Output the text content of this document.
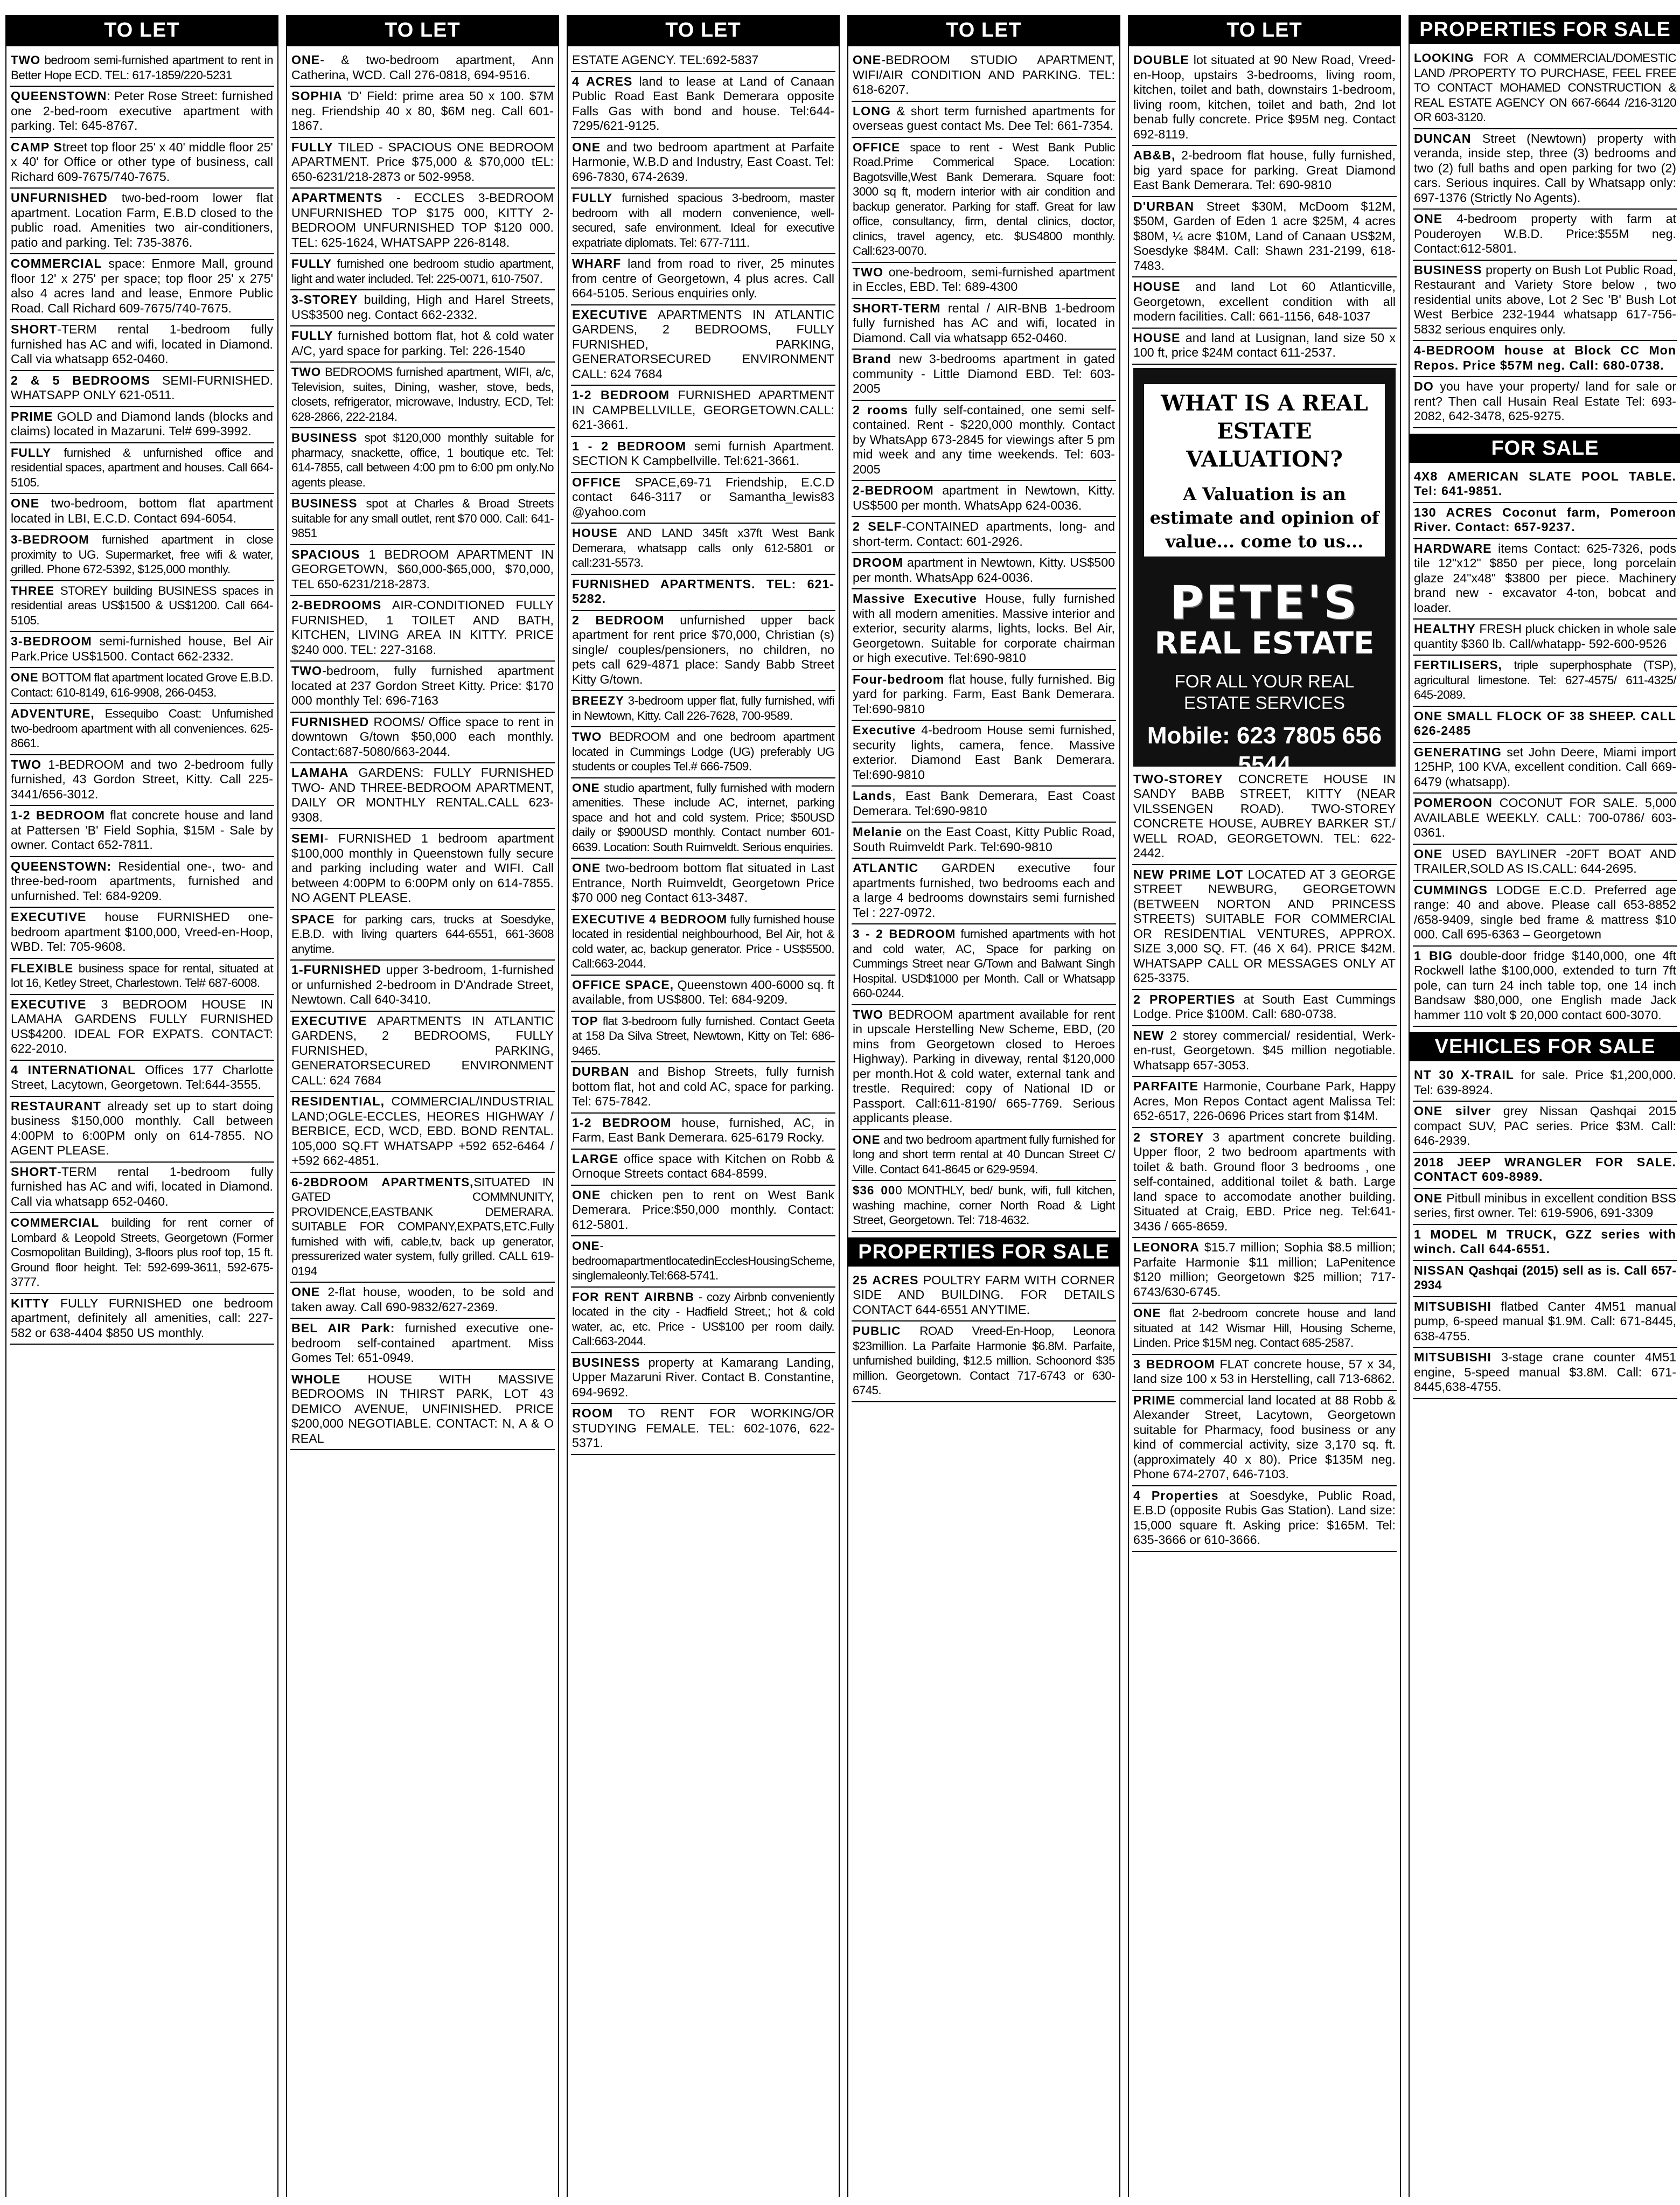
TO LET
TWO bedroom semi-furnished apartment to rent in Better Hope ECD. TEL: 617-1859/220-5231
QUEENSTOWN: Peter Rose Street: furnished one 2-bed-room executive apartment with parking. Tel: 645-8767.
CAMP Street top floor 25' x 40' middle floor 25' x 40' for Office or other type of business, call Richard 609-7675/740-7675.
UNFURNISHED two-bed-room lower flat apartment. Location Farm, E.B.D closed to the public road. Amenities two air-conditioners, patio and parking. Tel: 735-3876.
COMMERCIAL space: Enmore Mall, ground floor 12' x 275' per space; top floor 25' x 275' also 4 acres land and lease, Enmore Public Road. Call Richard 609-7675/740-7675.
SHORT-TERM rental 1-bedroom fully furnished has AC and wifi, located in Diamond. Call via whatsapp 652-0460.
2 & 5 BEDROOMS SEMI-FURNISHED. WHATSAPP ONLY 621-0511.
PRIME GOLD and Diamond lands (blocks and claims) located in Mazaruni. Tel# 699-3992.
FULLY furnished & unfurnished office and residential spaces, apartment and houses. Call 664-5105.
ONE two-bedroom, bottom flat apartment located in LBI, E.C.D. Contact 694-6054.
3-BEDROOM furnished apartment in close proximity to UG. Supermarket, free wifi & water, grilled. Phone 672-5392, $125,000 monthly.
THREE STOREY building BUSINESS spaces in residential areas US$1500 & US$1200. Call 664-5105.
3-BEDROOM semi-furnished house, Bel Air Park.Price US$1500. Contact 662-2332.
ONE BOTTOM flat apartment located Grove E.B.D. Contact: 610-8149, 616-9908, 266-0453.
ADVENTURE, Essequibo Coast: Unfurnished two-bedroom apartment with all conveniences. 625-8661.
TWO 1-BEDROOM and two 2-bedroom fully furnished, 43 Gordon Street, Kitty. Call 225-3441/656-3012.
1-2 BEDROOM flat concrete house and land at Pattersen 'B' Field Sophia, $15M - Sale by owner. Contact 652-7811.
QUEENSTOWN: Residential one-, two- and three-bed-room apartments, furnished and unfurnished. Tel: 684-9209.
EXECUTIVE house FURNISHED one-bedroom apartment $100,000, Vreed-en-Hoop, WBD. Tel: 705-9608.
FLEXIBLE business space for rental, situated at lot 16, Ketley Street, Charlestown. Tel# 687-6008.
EXECUTIVE 3 BEDROOM HOUSE IN LAMAHA GARDENS FULLY FURNISHED US$4200. IDEAL FOR EXPATS. CONTACT: 622-2010.
4 INTERNATIONAL Offices 177 Charlotte Street, Lacytown, Georgetown. Tel:644-3555.
RESTAURANT already set up to start doing business $150,000 monthly. Call between 4:00PM to 6:00PM only on 614-7855. NO AGENT PLEASE.
SHORT-TERM rental 1-bedroom fully furnished has AC and wifi, located in Diamond. Call via whatsapp 652-0460.
COMMERCIAL building for rent corner of Lombard & Leopold Streets, Georgetown (Former Cosmopolitan Building), 3-floors plus roof top, 15 ft. Ground floor height. Tel: 592-699-3611, 592-675-3777.
KITTY FULLY FURNISHED one bedroom apartment, definitely all amenities, call: 227-582 or 638-4404 $850 US monthly.
TO LET
ONE- & two-bedroom apartment, Ann Catherina, WCD. Call 276-0818, 694-9516.
SOPHIA 'D' Field: prime area 50 x 100. $7M neg. Friendship 40 x 80, $6M neg. Call 601-1867.
FULLY TILED - SPACIOUS ONE BEDROOM APARTMENT. Price $75,000 & $70,000 tEL: 650-6231/218-2873 or 502-9958.
APARTMENTS - ECCLES 3-BEDROOM UNFURNISHED TOP $175 000, KITTY 2-BEDROOM UNFURNISHED TOP $120 000. TEL: 625-1624, WHATSAPP 226-8148.
FULLY furnished one bedroom studio apartment, light and water included. Tel: 225-0071, 610-7507.
3-STOREY building, High and Harel Streets, US$3500 neg. Contact 662-2332.
FULLY furnished bottom flat, hot & cold water A/C, yard space for parking. Tel: 226-1540
TWO BEDROOMS furnished apartment, WIFI, a/c, Television, suites, Dining, washer, stove, beds, closets, refrigerator, microwave, Industry, ECD, Tel: 628-2866, 222-2184.
BUSINESS spot $120,000 monthly suitable for pharmacy, snackette, office, 1 boutique etc. Tel: 614-7855, call between 4:00 pm to 6:00 pm only.No agents please.
BUSINESS spot at Charles & Broad Streets suitable for any small outlet, rent $70 000. Call: 641-9851
SPACIOUS 1 BEDROOM APARTMENT IN GEORGETOWN, $60,000-$65,000, $70,000, TEL 650-6231/218-2873.
2-BEDROOMS AIR-CONDITIONED FULLY FURNISHED, 1 TOILET AND BATH, KITCHEN, LIVING AREA IN KITTY. PRICE $240 000. TEL: 227-3168.
TWO-bedroom, fully furnished apartment located at 237 Gordon Street Kitty. Price: $170 000 monthly Tel: 696-7163
FURNISHED ROOMS/ Office space to rent in downtown G/town $50,000 each monthly. Contact:687-5080/663-2044.
LAMAHA GARDENS: FULLY FURNISHED TWO- AND THREE-BEDROOM APARTMENT, DAILY OR MONTHLY RENTAL.CALL 623-9308.
SEMI- FURNISHED 1 bedroom apartment $100,000 monthly in Queenstown fully secure and parking including water and WIFI. Call between 4:00PM to 6:00PM only on 614-7855. NO AGENT PLEASE.
SPACE for parking cars, trucks at Soesdyke, E.B.D. with living quarters 644-6551, 661-3608 anytime.
1-FURNISHED upper 3-bedroom, 1-furnished or unfurnished 2-bedroom in D'Andrade Street, Newtown. Call 640-3410.
EXECUTIVE APARTMENTS IN ATLANTIC GARDENS, 2 BEDROOMS, FULLY FURNISHED, PARKING, GENERATORSECURED ENVIRONMENT CALL: 624 7684
RESIDENTIAL, COMMERCIAL/INDUSTRIAL LAND;OGLE-ECCLES, HEORES HIGHWAY / BERBICE, ECD, WCD, EBD. BOND RENTAL. 105,000 SQ.FT WHATSAPP +592 652-6464 / +592 662-4851.
6-2BDROOM APARTMENTS,SITUATED IN GATED COMMNUNITY, PROVIDENCE,EASTBANK DEMERARA. SUITABLE FOR COMPANY,EXPATS,ETC.Fully furnished with wifi, cable,tv, back up generator, pressurerized water system, fully grilled. CALL 619-0194
ONE 2-flat house, wooden, to be sold and taken away. Call 690-9832/627-2369.
BEL AIR Park: furnished executive one-bedroom self-contained apartment. Miss Gomes Tel: 651-0949.
WHOLE HOUSE WITH MASSIVE BEDROOMS IN THIRST PARK, LOT 43 DEMICO AVENUE, UNFINISHED. PRICE $200,000 NEGOTIABLE. CONTACT: N, A & O REAL
TO LET
ESTATE AGENCY. TEL:692-5837
4 ACRES land to lease at Land of Canaan Public Road East Bank Demerara opposite Falls Gas with bond and house. Tel:644-7295/621-9125.
ONE and two bedroom apartment at Parfaite Harmonie, W.B.D and Industry, East Coast. Tel: 696-7830, 674-2639.
FULLY furnished spacious 3-bedroom, master bedroom with all modern convenience, well-secured, safe environment. Ideal for executive expatriate diplomats. Tel: 677-7111.
WHARF land from road to river, 25 minutes from centre of Georgetown, 4 plus acres. Call 664-5105. Serious enquiries only.
EXECUTIVE APARTMENTS IN ATLANTIC GARDENS, 2 BEDROOMS, FULLY FURNISHED, PARKING, GENERATORSECURED ENVIRONMENT CALL: 624 7684
1-2 BEDROOM FURNISHED APARTMENT IN CAMPBELLVILLE, GEORGETOWN.CALL: 621-3661.
1 - 2 BEDROOM semi furnish Apartment. SECTION K Campbellville. Tel:621-3661.
OFFICE SPACE,69-71 Friendship, E.C.D contact 646-3117 or Samantha_lewis83 @yahoo.com
HOUSE AND LAND 345ft x37ft West Bank Demerara, whatsapp calls only 612-5801 or call:231-5573.
FURNISHED APARTMENTS. TEL: 621-5282.
2 BEDROOM unfurnished upper back apartment for rent price $70,000, Christian (s) single/ couples/pensioners, no children, no pets call 629-4871 place: Sandy Babb Street Kitty G/town.
BREEZY 3-bedroom upper flat, fully furnished, wifi in Newtown, Kitty. Call 226-7628, 700-9589.
TWO BEDROOM and one bedroom apartment located in Cummings Lodge (UG) preferably UG students or couples Tel.# 666-7509.
ONE studio apartment, fully furnished with modern amenities. These include AC, internet, parking space and hot and cold system. Price; $50USD daily or $900USD monthly. Contact number 601-6639. Location: South Ruimveldt. Serious enquiries.
ONE two-bedroom bottom flat situated in Last Entrance, North Ruimveldt, Georgetown Price $70 000 neg Contact 613-3487.
EXECUTIVE 4 BEDROOM fully furnished house located in residential neighbourhood, Bel Air, hot & cold water, ac, backup generator. Price - US$5500. Call:663-2044.
OFFICE SPACE, Queenstown 400-6000 sq. ft available, from US$800. Tel: 684-9209.
TOP flat 3-bedroom fully furnished. Contact Geeta at 158 Da Silva Street, Newtown, Kitty on Tel: 686-9465.
DURBAN and Bishop Streets, fully furnish bottom flat, hot and cold AC, space for parking. Tel: 675-7842.
1-2 BEDROOM house, furnished, AC, in Farm, East Bank Demerara. 625-6179 Rocky.
LARGE office space with Kitchen on Robb & Ornoque Streets contact 684-8599.
ONE chicken pen to rent on West Bank Demerara. Price:$50,000 monthly. Contact: 612-5801.
ONE-bedroomapartmentlocatedinEcclesHousingScheme, singlemaleonly.Tel:668-5741.
FOR RENT AIRBNB - cozy Airbnb conveniently located in the city - Hadfield Street,; hot & cold water, ac, etc. Price - US$100 per room daily. Call:663-2044.
BUSINESS property at Kamarang Landing, Upper Mazaruni River. Contact B. Constantine, 694-9692.
ROOM TO RENT FOR WORKING/OR STUDYING FEMALE. TEL: 602-1076, 622-5371.
TO LET
ONE-BEDROOM STUDIO APARTMENT, WIFI/AIR CONDITION AND PARKING. TEL: 618-6207.
LONG & short term furnished apartments for overseas guest contact Ms. Dee Tel: 661-7354.
OFFICE space to rent - West Bank Public Road.Prime Commerical Space. Location: Bagotsville,West Bank Demerara. Square foot: 3000 sq ft, modern interior with air condition and backup generator. Parking for staff. Great for law office, consultancy, firm, dental clinics, doctor, clinics, travel agency, etc. $US4800 monthly. Call:623-0070.
TWO one-bedroom, semi-furnished apartment in Eccles, EBD. Tel: 689-4300
SHORT-TERM rental / AIR-BNB 1-bedroom fully furnished has AC and wifi, located in Diamond. Call via whatsapp 652-0460.
Brand new 3-bedrooms apartment in gated community - Little Diamond EBD. Tel: 603-2005
2 rooms fully self-contained, one semi self-contained. Rent - $220,000 monthly. Contact by WhatsApp 673-2845 for viewings after 5 pm mid week and any time weekends. Tel: 603-2005
2-BEDROOM apartment in Newtown, Kitty. US$500 per month. WhatsApp 624-0036.
2 SELF-CONTAINED apartments, long- and short-term. Contact: 601-2926.
DROOM apartment in Newtown, Kitty. US$500 per month. WhatsApp 624-0036.
Massive Executive House, fully furnished with all modern amenities. Massive interior and exterior, security alarms, lights, locks. Bel Air, Georgetown. Suitable for corporate chairman or high executive. Tel:690-9810
Four-bedroom flat house, fully furnished. Big yard for parking. Farm, East Bank Demerara. Tel:690-9810
Executive 4-bedroom House semi furnished, security lights, camera, fence. Massive exterior. Diamond East Bank Demerara. Tel:690-9810
Lands, East Bank Demerara, East Coast Demerara. Tel:690-9810
Melanie on the East Coast, Kitty Public Road, South Ruimveldt Park. Tel:690-9810
ATLANTIC GARDEN executive four apartments furnished, two bedrooms each and a large 4 bedrooms downstairs semi furnished Tel : 227-0972.
3 - 2 BEDROOM furnished apartments with hot and cold water, AC, Space for parking on Cummings Street near G/Town and Balwant Singh Hospital. USD$1000 per Month. Call or Whatsapp 660-0244.
TWO BEDROOM apartment available for rent in upscale Herstelling New Scheme, EBD, (20 mins from Georgetown closed to Heroes Highway). Parking in diveway, rental $120,000 per month.Hot & cold water, external tank and trestle. Required: copy of National ID or Passport. Call:611-8190/ 665-7769. Serious applicants please.
ONE and two bedroom apartment fully furnished for long and short term rental at 40 Duncan Street C/ Ville. Contact 641-8645 or 629-9594.
$36 000 MONTHLY, bed/ bunk, wifi, full kitchen, washing machine, corner North Road & Light Street, Georgetown. Tel: 718-4632.
PROPERTIES FOR SALE
25 ACRES POULTRY FARM WITH CORNER SIDE AND BUILDING. FOR DETAILS CONTACT 644-6551 ANYTIME.
PUBLIC ROAD Vreed-En-Hoop, Leonora $23million. La Parfaite Harmonie $6.8M. Parfaite, unfurnished building, $12.5 million. Schoonord $35 million. Georgetown. Contact 717-6743 or 630-6745.
TO LET
DOUBLE lot situated at 90 New Road, Vreed-en-Hoop, upstairs 3-bedrooms, living room, kitchen, toilet and bath, downstairs 1-bedroom, living room, kitchen, toilet and bath, 2nd lot benab fully concrete. Price $95M neg. Contact 692-8119.
AB&B, 2-bedroom flat house, fully furnished, big yard space for parking. Great Diamond East Bank Demerara. Tel: 690-9810
D'URBAN Street $30M, McDoom $12M, $50M, Garden of Eden 1 acre $25M, 4 acres $80M, ¼ acre $10M, Land of Canaan US$2M, Soesdyke $84M. Call: Shawn 231-2199, 618-7483.
HOUSE and land Lot 60 Atlanticville, Georgetown, excellent condition with all modern facilities. Call: 661-1156, 648-1037
HOUSE and land at Lusignan, land size 50 x 100 ft, price $24M contact 611-2537.
WHAT IS A REAL ESTATE VALUATION?
A Valuation is an estimate and opinion of value... come to us...
PETE'S
REAL ESTATE
FOR ALL YOUR REAL ESTATE SERVICES
Mobile: 623 7805 656 5544
TWO-STOREY CONCRETE HOUSE IN SANDY BABB STREET, KITTY (NEAR VILSSENGEN ROAD). TWO-STOREY CONCRETE HOUSE, AUBREY BARKER ST./ WELL ROAD, GEORGETOWN. TEL: 622-2442.
NEW PRIME LOT LOCATED AT 3 GEORGE STREET NEWBURG, GEORGETOWN (BETWEEN NORTON AND PRINCESS STREETS) SUITABLE FOR COMMERCIAL OR RESIDENTIAL VENTURES, APPROX. SIZE 3,000 SQ. FT. (46 X 64). PRICE $42M. WHATSAPP CALL OR MESSAGES ONLY AT 625-3375.
2 PROPERTIES at South East Cummings Lodge. Price $100M. Call: 680-0738.
NEW 2 storey commercial/ residential, Werk-en-rust, Georgetown. $45 million negotiable. Whatsapp 657-3053.
PARFAITE Harmonie, Courbane Park, Happy Acres, Mon Repos Contact agent Malissa Tel: 652-6517, 226-0696 Prices start from $14M.
2 STOREY 3 apartment concrete building. Upper floor, 2 two bedroom apartments with toilet & bath. Ground floor 3 bedrooms , one self-contained, additional toilet & bath. Large land space to accomodate another building. Situated at Craig, EBD. Price neg. Tel:641-3436 / 665-8659.
LEONORA $15.7 million; Sophia $8.5 million; Parfaite Harmonie $11 million; LaPenitence $120 million; Georgetown $25 million; 717-6743/630-6745.
ONE flat 2-bedroom concrete house and land situated at 142 Wismar Hill, Housing Scheme, Linden. Price $15M neg. Contact 685-2587.
3 BEDROOM FLAT concrete house, 57 x 34, land size 100 x 53 in Herstelling, call 713-6862.
PRIME commercial land located at 88 Robb & Alexander Street, Lacytown, Georgetown suitable for Pharmacy, food business or any kind of commercial activity, size 3,170 sq. ft. (approximately 40 x 80). Price $135M neg. Phone 674-2707, 646-7103.
4 Properties at Soesdyke, Public Road, E.B.D (opposite Rubis Gas Station). Land size: 15,000 square ft. Asking price: $165M. Tel: 635-3666 or 610-3666.
PROPERTIES FOR SALE
LOOKING FOR A COMMERCIAL/DOMESTIC LAND /PROPERTY TO PURCHASE, FEEL FREE TO CONTACT MOHAMED CONSTRUCTION & REAL ESTATE AGENCY ON 667-6644 /216-3120 OR 603-3120.
DUNCAN Street (Newtown) property with veranda, inside step, three (3) bedrooms and two (2) full baths and open parking for two (2) cars. Serious inquires. Call by Whatsapp only: 697-1376 (Strictly No Agents).
ONE 4-bedroom property with farm at Pouderoyen W.B.D. Price:$55M neg. Contact:612-5801.
BUSINESS property on Bush Lot Public Road, Restaurant and Variety Store below , two residential units above, Lot 2 Sec 'B' Bush Lot West Berbice 232-1944 whatsapp 617-756-5832 serious enquires only.
4-BEDROOM house at Block CC Mon Repos. Price $57M neg. Call: 680-0738.
DO you have your property/ land for sale or rent? Then call Husain Real Estate Tel: 693-2082, 642-3478, 625-9275.
FOR SALE
4X8 AMERICAN SLATE POOL TABLE. Tel: 641-9851.
130 ACRES Coconut farm, Pomeroon River. Contact: 657-9237.
HARDWARE items Contact: 625-7326, pods tile 12"x12" $850 per piece, long porcelain glaze 24"x48" $3800 per piece. Machinery brand new - excavator 4-ton, bobcat and loader.
HEALTHY FRESH pluck chicken in whole sale quantity $360 lb. Call/whatapp- 592-600-9526
FERTILISERS, triple superphosphate (TSP), agricultural limestone. Tel: 627-4575/ 611-4325/ 645-2089.
ONE SMALL FLOCK OF 38 SHEEP. CALL 626-2485
GENERATING set John Deere, Miami import 125HP, 100 KVA, excellent condition. Call 669-6479 (whatsapp).
POMEROON COCONUT FOR SALE. 5,000 AVAILABLE WEEKLY. CALL: 700-0786/ 603-0361.
ONE USED BAYLINER -20FT BOAT AND TRAILER,SOLD AS IS.CALL: 644-2695.
CUMMINGS LODGE E.C.D. Preferred age range: 40 and above. Please call 653-8852 /658-9409, single bed frame & mattress $10 000. Call 695-6363 – Georgetown
1 BIG double-door fridge $140,000, one 4ft Rockwell lathe $100,000, extended to turn 7ft pole, can turn 24 inch table top, one 14 inch Bandsaw $80,000, one English made Jack hammer 110 volt $ 20,000 contact 600-3070.
VEHICLES FOR SALE
NT 30 X-TRAIL for sale. Price $1,200,000. Tel: 639-8924.
ONE silver grey Nissan Qashqai 2015 compact SUV, PAC series. Price $3M. Call: 646-2939.
2018 JEEP WRANGLER FOR SALE. CONTACT 609-8989.
ONE Pitbull minibus in excellent condition BSS series, first owner. Tel: 619-5906, 691-3309
1 MODEL M TRUCK, GZZ series with winch. Call 644-6551.
NISSAN Qashqai (2015) sell as is. Call 657-2934
MITSUBISHI flatbed Canter 4M51 manual pump, 6-speed manual $1.9M. Call: 671-8445, 638-4755.
MITSUBISHI 3-stage crane counter 4M51 engine, 5-speed manual $3.8M. Call: 671-8445,638-4755.
